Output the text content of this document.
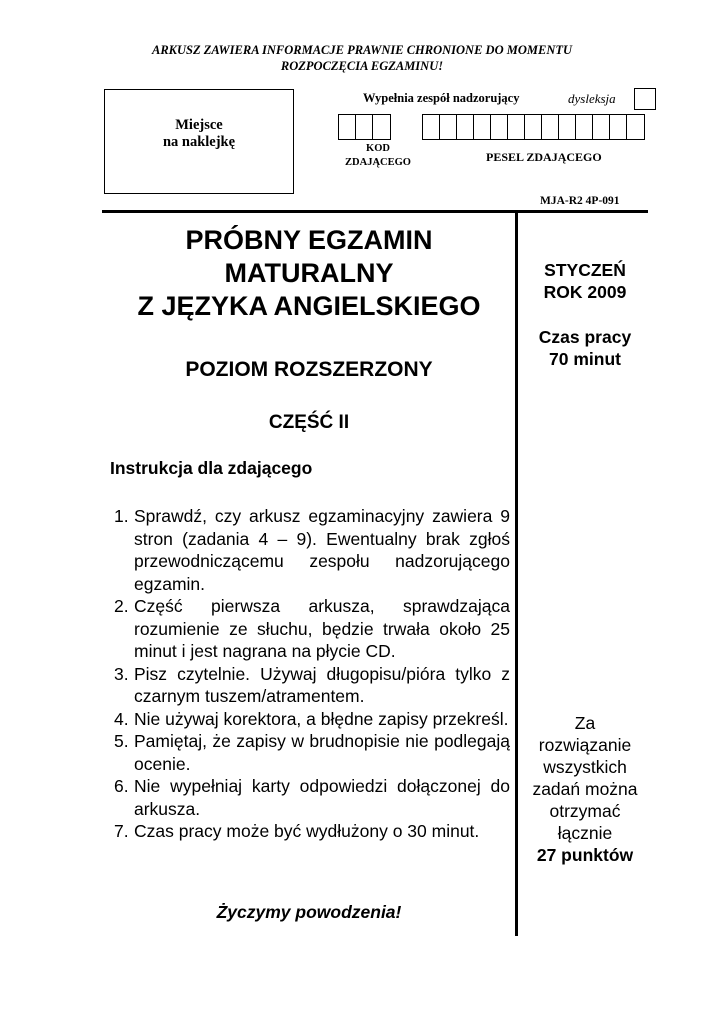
ARKUSZ ZAWIERA INFORMACJE PRAWNIE CHRONIONE DO MOMENTU
ROZPOCZĘCIA EGZAMINU!
Miejsce
na naklejkę
Wypełnia zespół nadzorujący	dysleksja
KOD
ZDAJĄCEGO	PESEL ZDAJĄCEGO
MJA-R2 4P-091
PRÓBNY EGZAMIN
MATURALNY
Z JĘZYKA ANGIELSKIEGO
POZIOM ROZSZERZONY
CZĘŚĆ II
STYCZEŃ
ROK 2009
Czas pracy
70 minut
Za
rozwiązanie
wszystkich
zadań można
otrzymać
łącznie
27 punktów
Instrukcja dla zdającego
1. Sprawdź, czy arkusz egzaminacyjny zawiera 9 stron (zadania 4 – 9). Ewentualny brak zgłoś przewodniczącemu zespołu nadzorującego egzamin.
2. Część pierwsza arkusza, sprawdzająca rozumienie ze słuchu, będzie trwała około 25 minut i jest nagrana na płycie CD.
3. Pisz czytelnie. Używaj długopisu/pióra tylko z czarnym tuszem/atramentem.
4. Nie używaj korektora, a błędne zapisy przekreśl.
5. Pamiętaj, że zapisy w brudnopisie nie podlegają ocenie.
6. Nie wypełniaj karty odpowiedzi dołączonej do arkusza.
7. Czas pracy może być wydłużony o 30 minut.
Życzymy powodzenia!
